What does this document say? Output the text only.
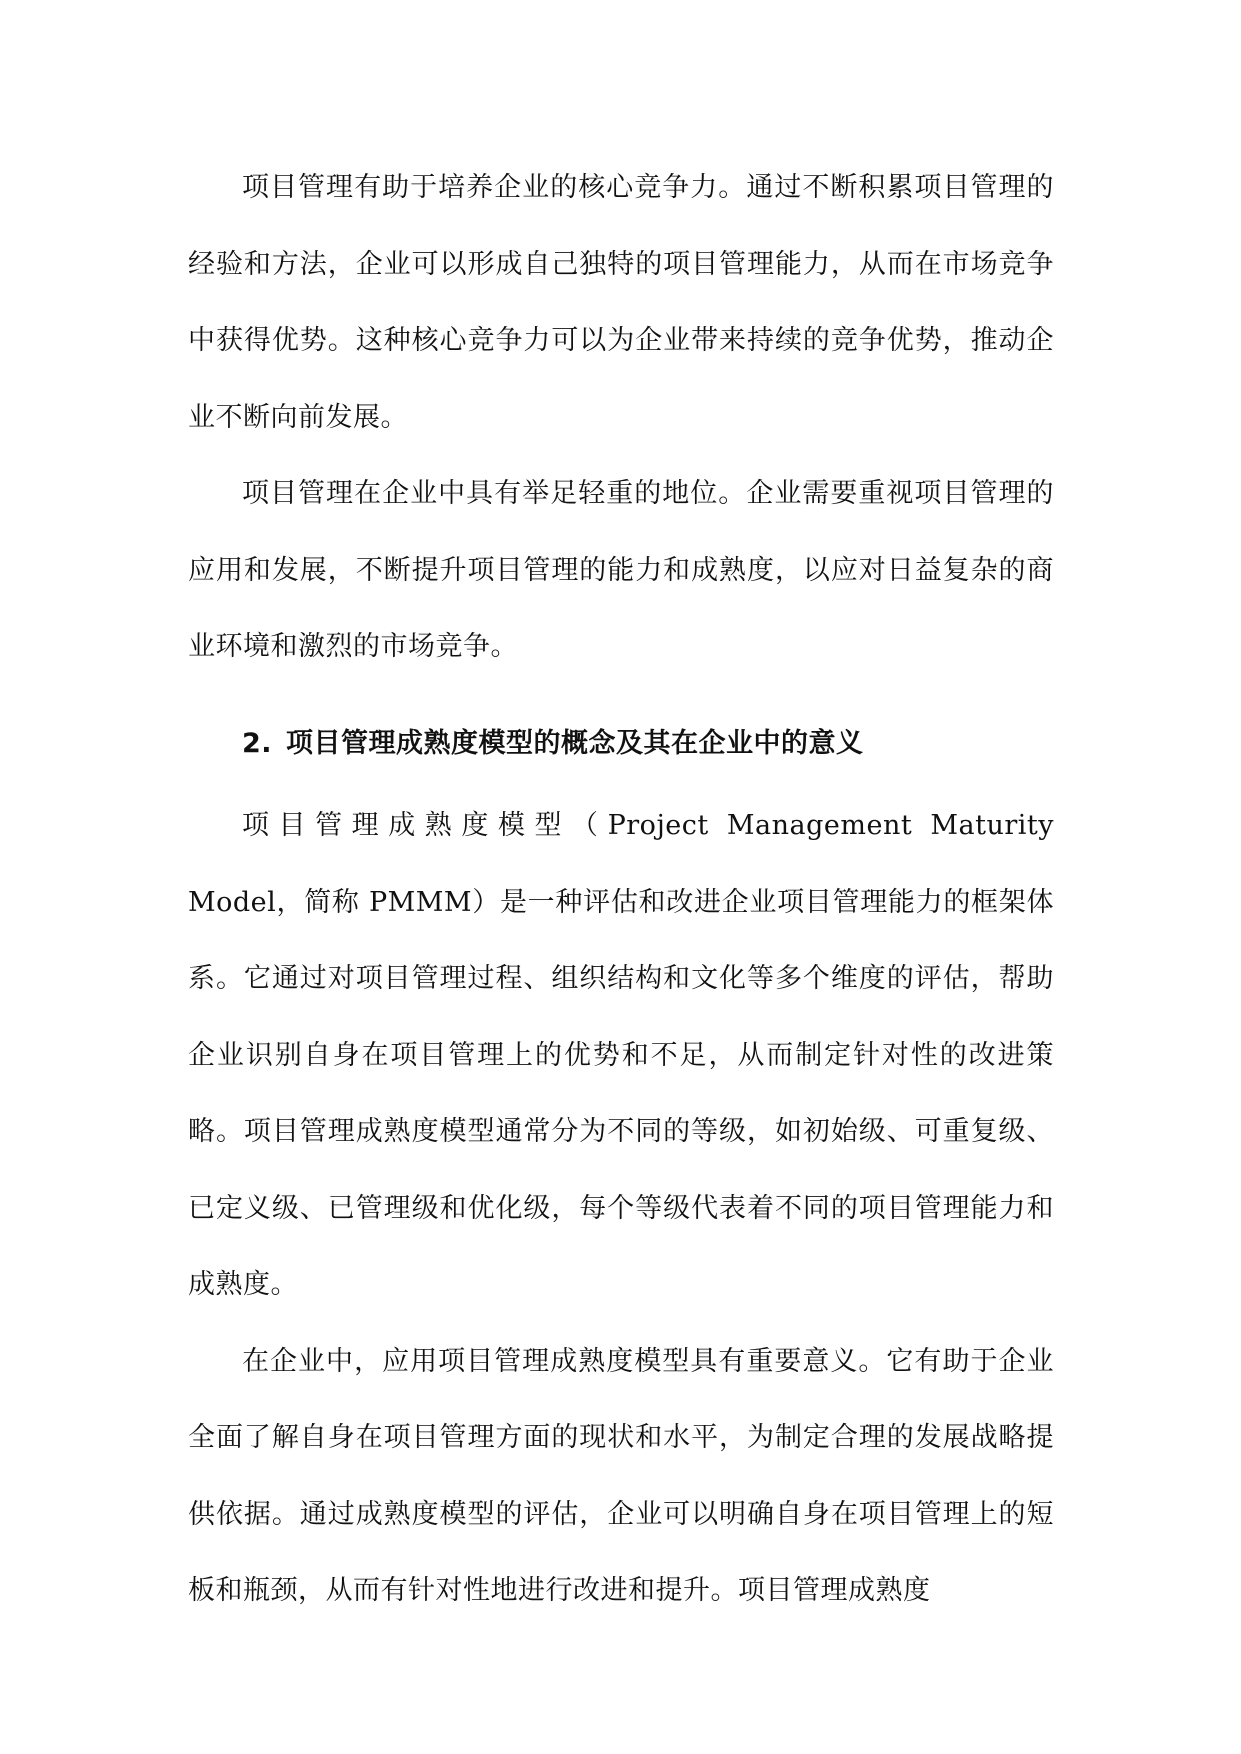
项目管理有助于培养企业的核心竞争力。通过不断积累项目管理的经验和方法，企业可以形成自己独特的项目管理能力，从而在市场竞争中获得优势。这种核心竞争力可以为企业带来持续的竞争优势，推动企业不断向前发展。

项目管理在企业中具有举足轻重的地位。企业需要重视项目管理的应用和发展，不断提升项目管理的能力和成熟度，以应对日益复杂的商业环境和激烈的市场竞争。

2. 项目管理成熟度模型的概念及其在企业中的意义

项目管理成熟度模型（Project Management Maturity Model，简称 PMMM）是一种评估和改进企业项目管理能力的框架体系。它通过对项目管理过程、组织结构和文化等多个维度的评估，帮助企业识别自身在项目管理上的优势和不足，从而制定针对性的改进策略。项目管理成熟度模型通常分为不同的等级，如初始级、可重复级、已定义级、已管理级和优化级，每个等级代表着不同的项目管理能力和成熟度。

在企业中，应用项目管理成熟度模型具有重要意义。它有助于企业全面了解自身在项目管理方面的现状和水平，为制定合理的发展战略提供依据。通过成熟度模型的评估，企业可以明确自身在项目管理上的短板和瓶颈，从而有针对性地进行改进和提升。项目管理成熟度
